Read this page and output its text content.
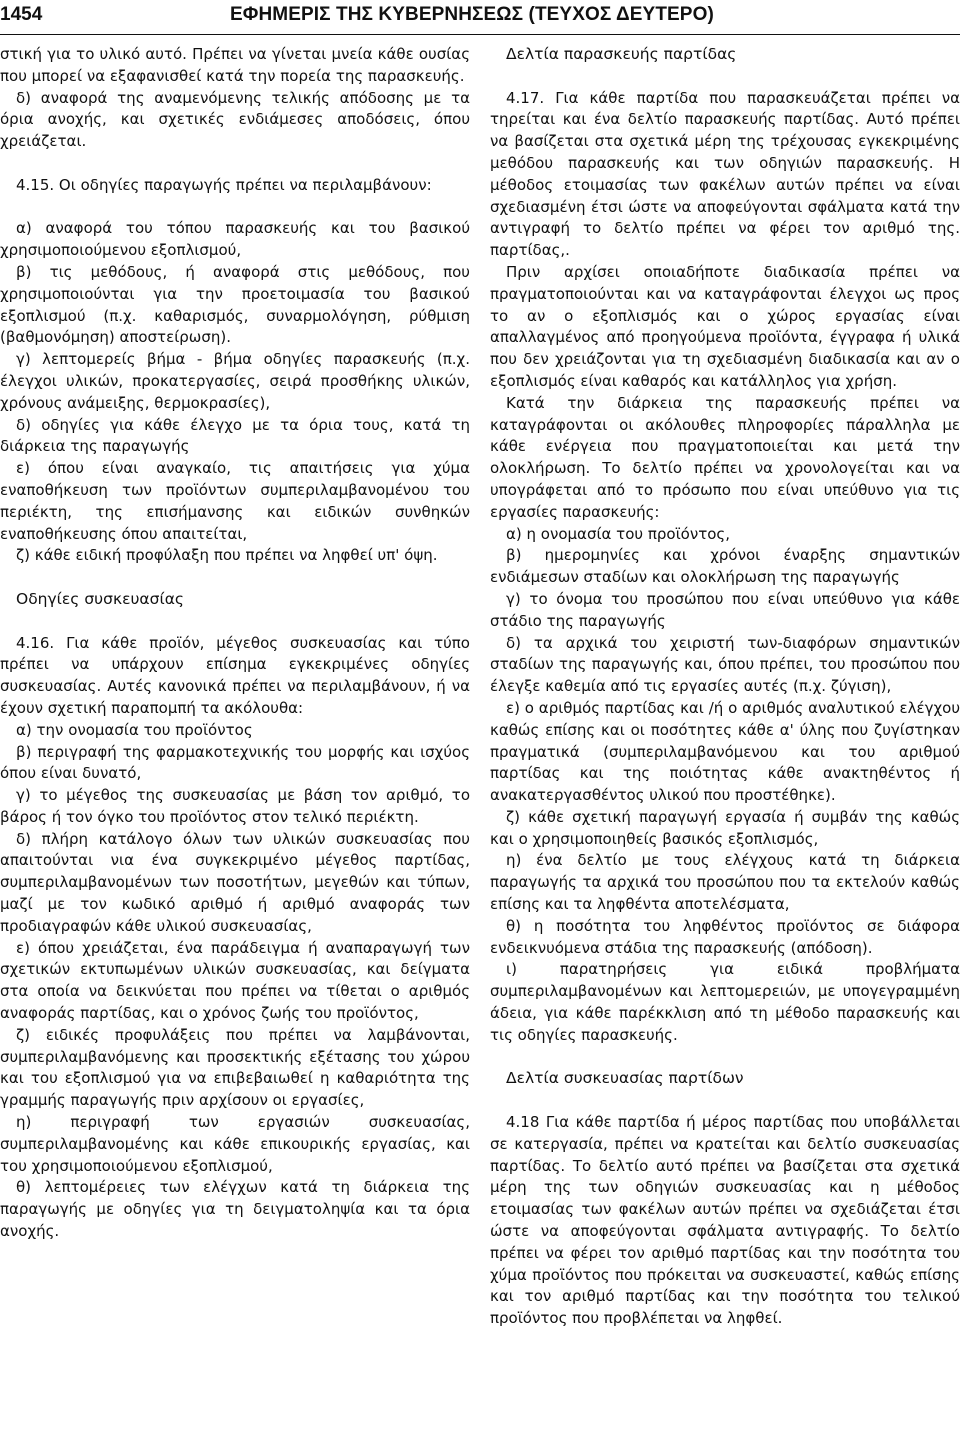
1454	ΕΦΗΜΕΡΙΣ ΤΗΣ ΚΥΒΕΡΝΗΣΕΩΣ (ΤΕΥΧΟΣ ΔΕΥΤΕΡΟ)

στική για το υλικό αυτό. Πρέπει να γίνεται μνεία κάθε ουσίας που μπορεί να εξαφανισθεί κατά την πορεία της παρασκευής.

δ) αναφορά της αναμενόμενης τελικής απόδοσης με τα όρια ανοχής, και σχετικές ενδιάμεσες αποδόσεις, όπου χρειάζεται.

4.15. Οι οδηγίες παραγωγής πρέπει να περιλαμβάνουν:

α) αναφορά του τόπου παρασκευής και του βασικού χρησιμοποιούμενου εξοπλισμού,

β) τις μεθόδους, ή αναφορά στις μεθόδους, που χρησιμοποιούνται για την προετοιμασία του βασικού εξοπλισμού (π.χ. καθαρισμός, συναρμολόγηση, ρύθμιση (βαθμονόμηση) αποστείρωση).

γ) λεπτομερείς βήμα - βήμα οδηγίες παρασκευής (π.χ. έλεγχοι υλικών, προκατεργασίες, σειρά προσθήκης υλικών, χρόνους ανάμειξης, θερμοκρασίες),

δ) οδηγίες για κάθε έλεγχο με τα όρια τους, κατά τη διάρκεια της παραγωγής

ε) όπου είναι αναγκαίο, τις απαιτήσεις για χύμα εναποθήκευση των προϊόντων συμπεριλαμβανομένου του περιέκτη, της επισήμανσης και ειδικών συνθηκών εναποθήκευσης όπου απαιτείται,

ζ) κάθε ειδική προφύλαξη που πρέπει να ληφθεί υπ' όψη.

Οδηγίες συσκευασίας

4.16. Για κάθε προϊόν, μέγεθος συσκευασίας και τύπο πρέπει να υπάρχουν επίσημα εγκεκριμένες οδηγίες συσκευασίας. Αυτές κανονικά πρέπει να περιλαμβάνουν, ή να έχουν σχετική παραπομπή τα ακόλουθα:

α) την ονομασία του προϊόντος

β) περιγραφή της φαρμακοτεχνικής του μορφής και ισχύος όπου είναι δυνατό,

γ) το μέγεθος της συσκευασίας με βάση τον αριθμό, το βάρος ή τον όγκο του προϊόντος στον τελικό περιέκτη.

δ) πλήρη κατάλογο όλων των υλικών συσκευασίας που απαιτούνται νια ένα συγκεκριμένο μέγεθος παρτίδας, συμπεριλαμβανομένων των ποσοτήτων, μεγεθών και τύπων, μαζί με τον κωδικό αριθμό ή αριθμό αναφοράς των προδιαγραφών κάθε υλικού συσκευασίας,

ε) όπου χρειάζεται, ένα παράδειγμα ή αναπαραγωγή των σχετικών εκτυπωμένων υλικών συσκευασίας, και δείγματα στα οποία να δεικνύεται που πρέπει να τίθεται ο αριθμός αναφοράς παρτίδας, και ο χρόνος ζωής του προϊόντος,

ζ) ειδικές προφυλάξεις που πρέπει να λαμβάνονται, συμπεριλαμβανόμενης και προσεκτικής εξέτασης του χώρου και του εξοπλισμού για να επιβεβαιωθεί η καθαριότητα της γραμμής παραγωγής πριν αρχίσουν οι εργασίες,

η) περιγραφή των εργασιών συσκευασίας, συμπεριλαμβανομένης και κάθε επικουρικής εργασίας, και του χρησιμοποιούμενου εξοπλισμού,

θ) λεπτομέρειες των ελέγχων κατά τη διάρκεια της παραγωγής με οδηγίες για τη δειγματοληψία και τα όρια ανοχής.

Δελτία παρασκευής παρτίδας

4.17. Για κάθε παρτίδα που παρασκευάζεται πρέπει να τηρείται και ένα δελτίο παρασκευής παρτίδας. Αυτό πρέπει να βασίζεται στα σχετικά μέρη της τρέχουσας εγκεκριμένης μεθόδου παρασκευής και των οδηγιών παρασκευής. Η μέθοδος ετοιμασίας των φακέλων αυτών πρέπει να είναι σχεδιασμένη έτσι ώστε να αποφεύγονται σφάλματα κατά την αντιγραφή το δελτίο πρέπει να φέρει τον αριθμό της. παρτίδας,.

Πριν αρχίσει οποιαδήποτε διαδικασία πρέπει να πραγματοποιούνται και να καταγράφονται έλεγχοι ως προς το αν ο εξοπλισμός και ο χώρος εργασίας είναι απαλλαγμένος από προηγούμενα προϊόντα, έγγραφα ή υλικά που δεν χρειάζονται για τη σχεδιασμένη διαδικασία και αν ο εξοπλισμός είναι καθαρός και κατάλληλος για χρήση.

Κατά την διάρκεια της παρασκευής πρέπει να καταγράφονται οι ακόλουθες πληροφορίες πάραλληλα με κάθε ενέργεια που πραγματοποιείται και μετά την ολοκλήρωση. Το δελτίο πρέπει να χρονολογείται και να υπογράφεται από το πρόσωπο που είναι υπεύθυνο για τις εργασίες παρασκευής:

α) η ονομασία του προϊόντος,

β) ημερομηνίες και χρόνοι έναρξης σημαντικών ενδιάμεσων σταδίων και ολοκλήρωση της παραγωγής

γ) το όνομα του προσώπου που είναι υπεύθυνο για κάθε στάδιο της παραγωγής

δ) τα αρχικά του χειριστή των-διαφόρων σημαντικών σταδίων της παραγωγής και, όπου πρέπει, του προσώπου που έλεγξε καθεμία από τις εργασίες αυτές (π.χ. ζύγιση),

ε) ο αριθμός παρτίδας και /ή ο αριθμός αναλυτικού ελέγχου καθώς επίσης και οι ποσότητες κάθε α' ύλης που ζυγίστηκαν πραγματικά (συμπεριλαμβανόμενου και του αριθμού παρτίδας και της ποιότητας κάθε ανακτηθέντος ή ανακατεργασθέντος υλικού που προστέθηκε).

ζ) κάθε σχετική παραγωγή εργασία ή συμβάν της καθώς και ο χρησιμοποιηθείς βασικός εξοπλισμός,

η) ένα δελτίο με τους ελέγχους κατά τη διάρκεια παραγωγής τα αρχικά του προσώπου που τα εκτελούν καθώς επίσης και τα ληφθέντα αποτελέσματα,

θ) η ποσότητα του ληφθέντος προϊόντος σε διάφορα ενδεικνυόμενα στάδια της παρασκευής (απόδοση).

ι) παρατηρήσεις για ειδικά προβλήματα συμπεριλαμβανομένων και λεπτομερειών, με υπογεγραμμένη άδεια, για κάθε παρέκκλιση από τη μέθοδο παρασκευής και τις οδηγίες παρασκευής.

Δελτία συσκευασίας παρτίδων

4.18 Για κάθε παρτίδα ή μέρος παρτίδας που υποβάλλεται σε κατεργασία, πρέπει να κρατείται και δελτίο συσκευασίας παρτίδας. Το δελτίο αυτό πρέπει να βασίζεται στα σχετικά μέρη της των οδηγιών συσκευασίας και η μέθοδος ετοιμασίας των φακέλων αυτών πρέπει να σχεδιάζεται έτσι ώστε να αποφεύγονται σφάλματα αντιγραφής. Το δελτίο πρέπει να φέρει τον αριθμό παρτίδας και την ποσότητα του χύμα προϊόντος που πρόκειται να συσκευαστεί, καθώς επίσης και τον αριθμό παρτίδας και την ποσότητα του τελικού προϊόντος που προβλέπεται να ληφθεί.
